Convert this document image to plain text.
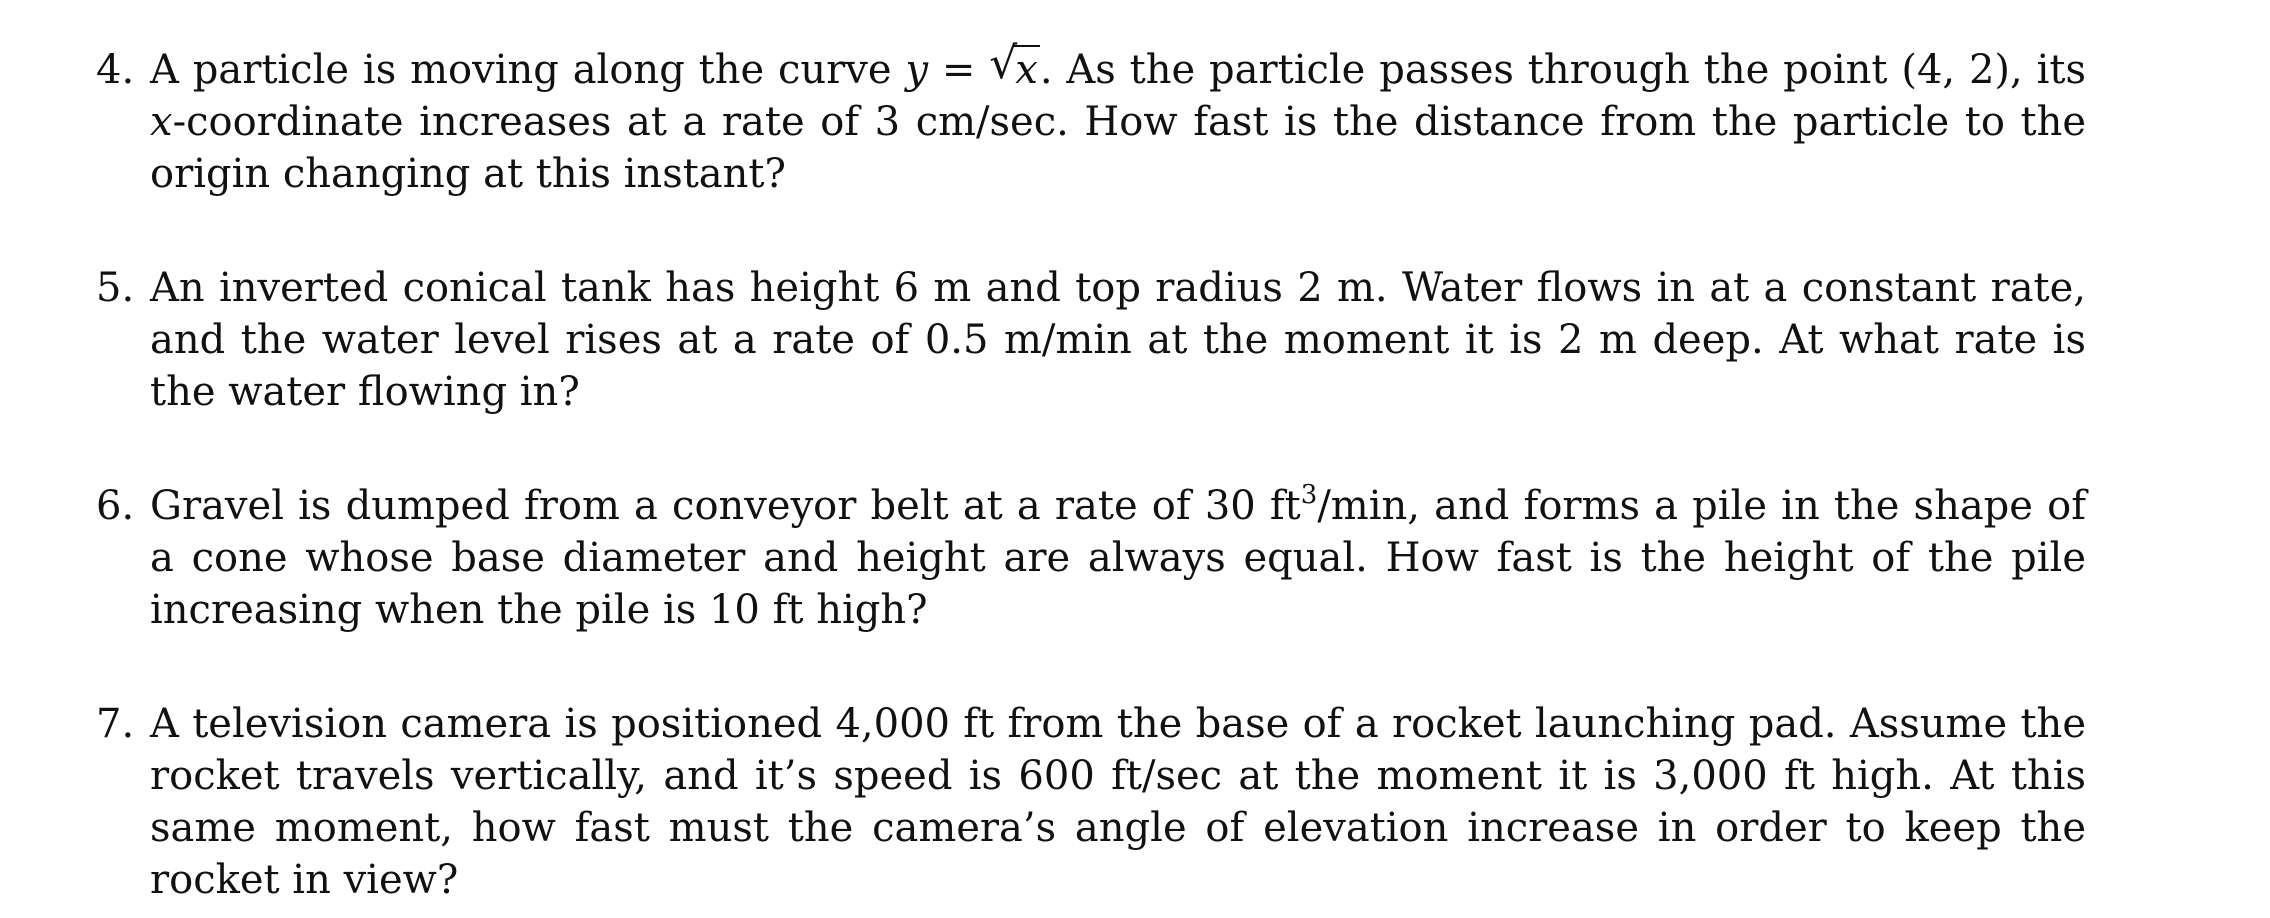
4. A particle is moving along the curve y = √
x. As the particle passes through the point (4, 2), its x-coordinate increases at a rate of 3 cm/sec. How fast is the distance from the particle to the origin changing at this instant?

5. An inverted conical tank has height 6 m and top radius 2 m. Water flows in at a constant rate, and the water level rises at a rate of 0.5 m/min at the moment it is 2 m deep. At what rate is the water flowing in?

6. Gravel is dumped from a conveyor belt at a rate of 30 $ft^3/\min$, and forms a pile in the shape of a cone whose base diameter and height are always equal. How fast is the height of the pile increasing when the pile is 10 ft high?

7. A television camera is positioned 4,000 ft from the base of a rocket launching pad. Assume the rocket travels vertically, and it’s speed is 600 ft/sec at the moment it is 3,000 ft high. At this same moment, how fast must the camera’s angle of elevation increase in order to keep the rocket in view?
